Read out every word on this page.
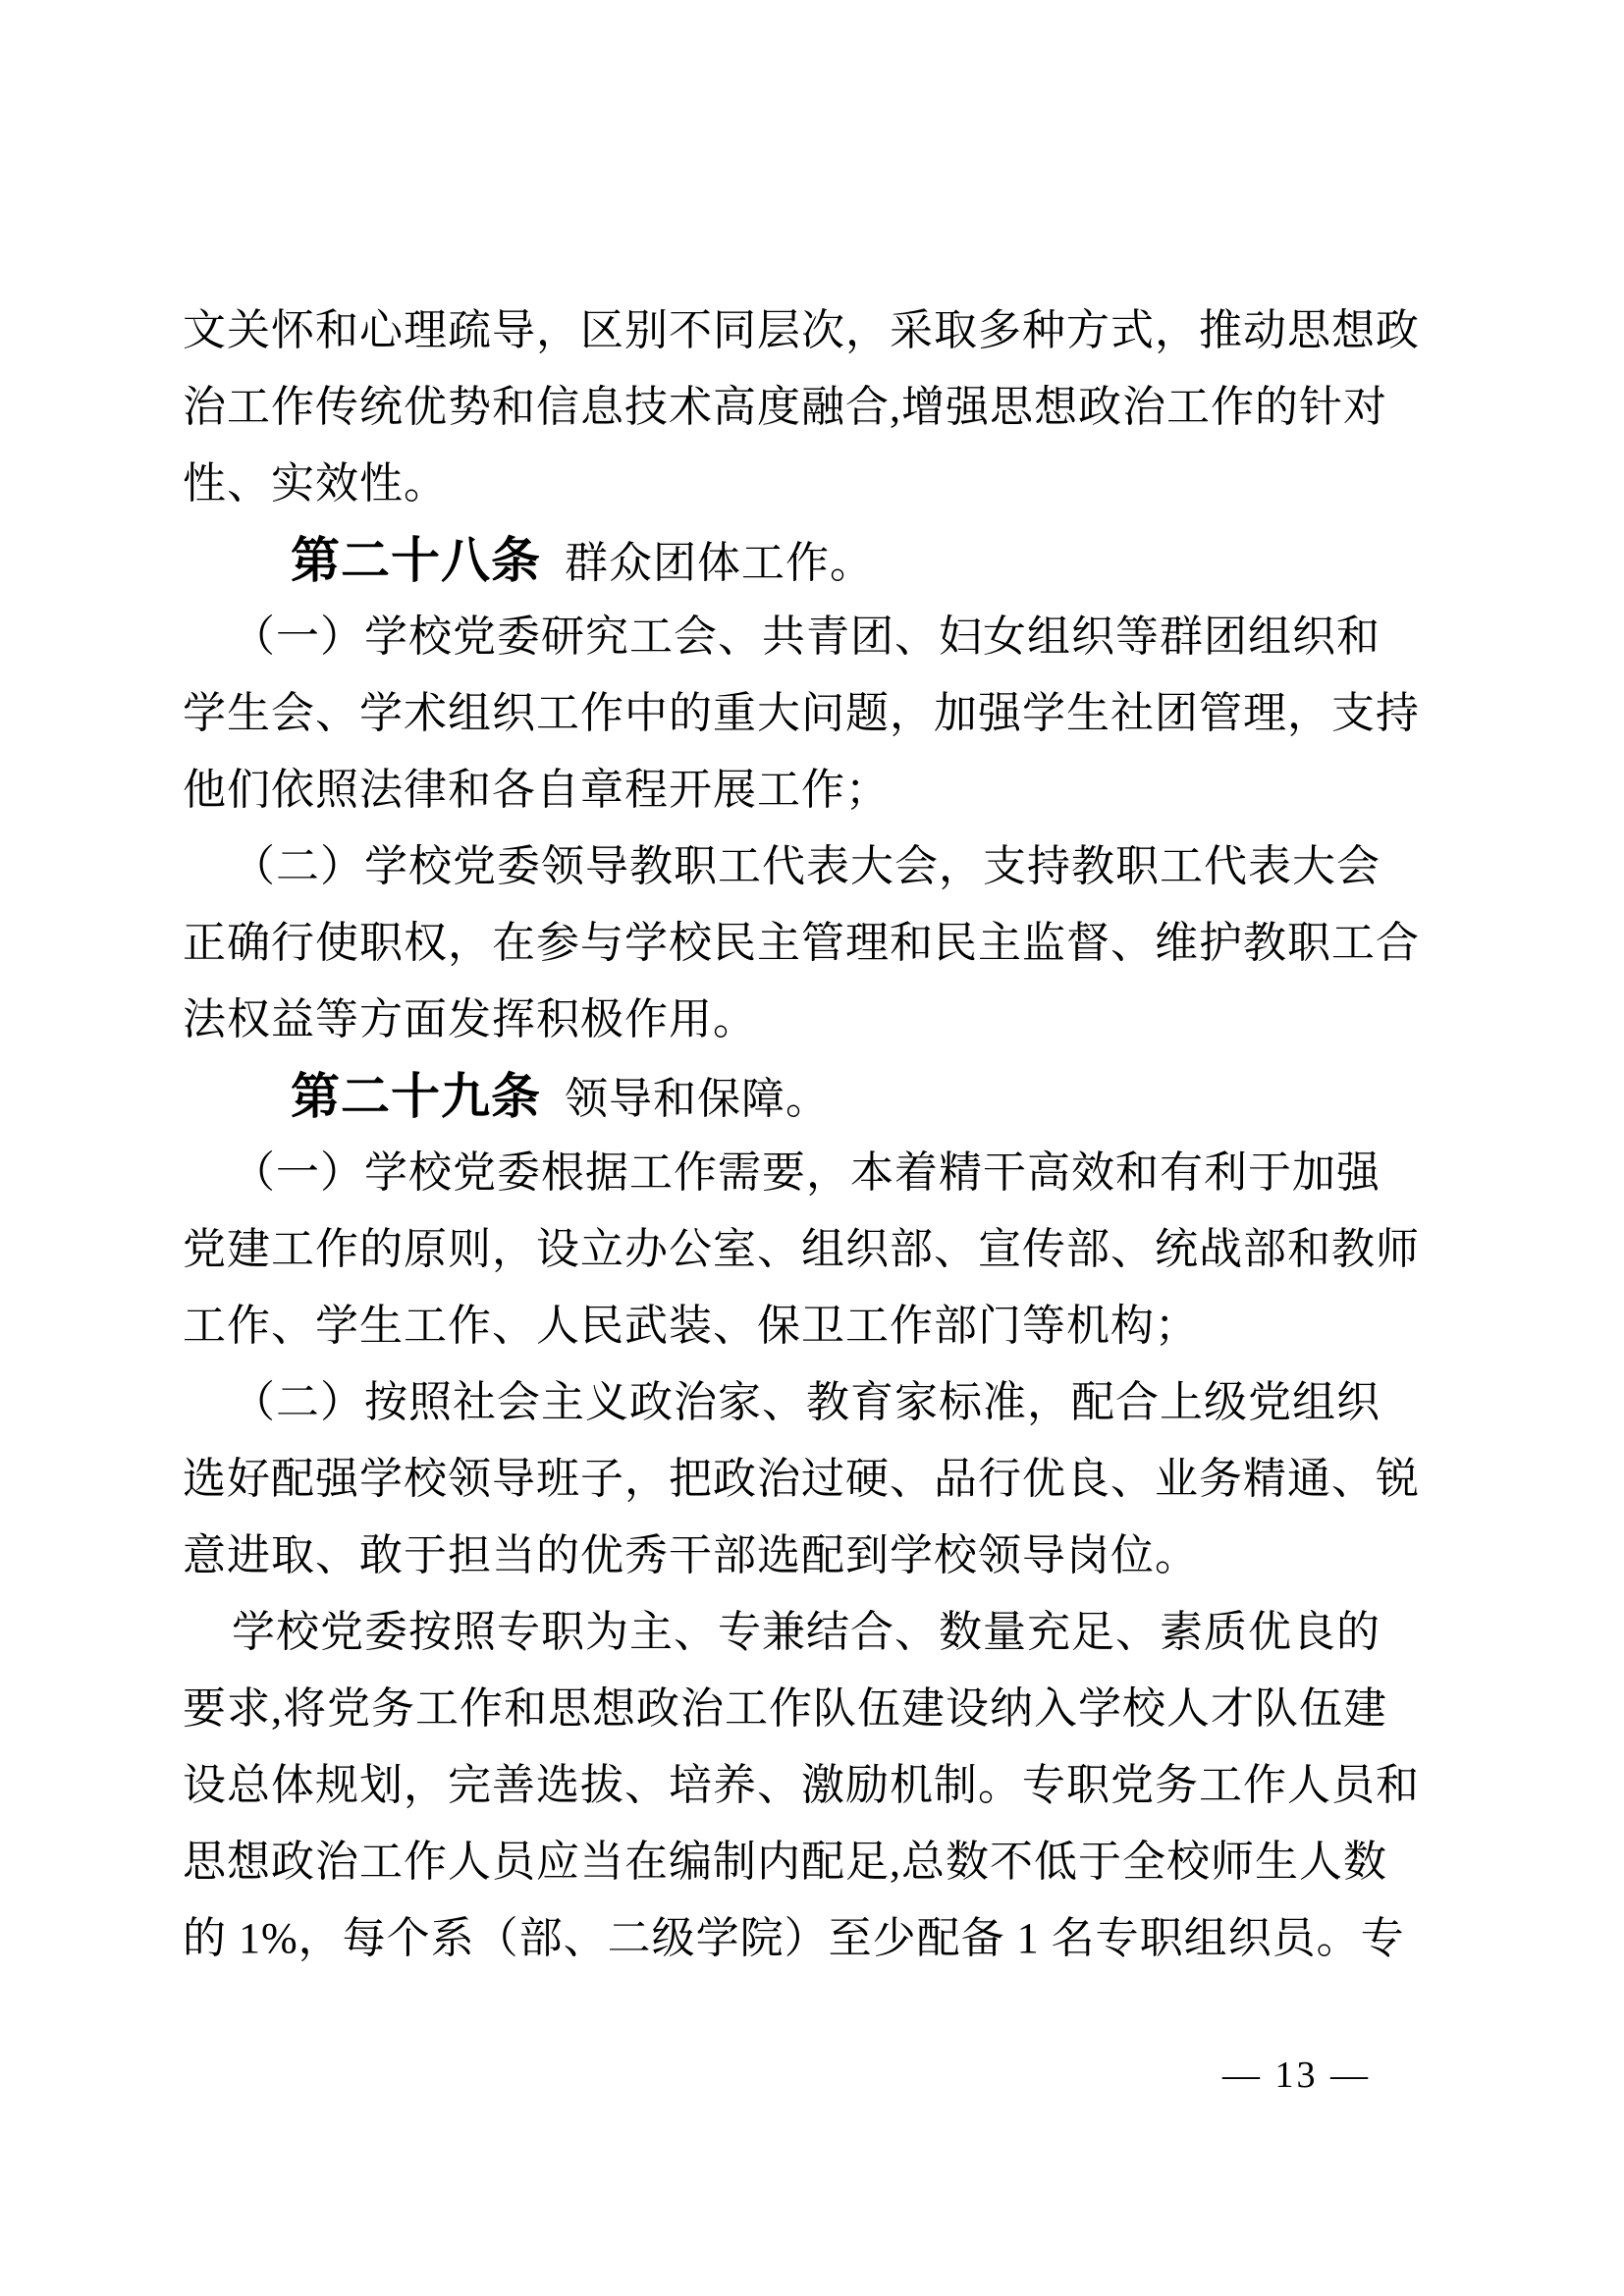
文关怀和心理疏导，区别不同层次，采取多种方式，推动思想政
治工作传统优势和信息技术高度融合,增强思想政治工作的针对
性、实效性。
第二十八条  群众团体工作。
（一）学校党委研究工会、共青团、妇女组织等群团组织和
学生会、学术组织工作中的重大问题，加强学生社团管理，支持
他们依照法律和各自章程开展工作；
（二）学校党委领导教职工代表大会，支持教职工代表大会
正确行使职权，在参与学校民主管理和民主监督、维护教职工合
法权益等方面发挥积极作用。
第二十九条  领导和保障。
（一）学校党委根据工作需要，本着精干高效和有利于加强
党建工作的原则，设立办公室、组织部、宣传部、统战部和教师
工作、学生工作、人民武装、保卫工作部门等机构；
（二）按照社会主义政治家、教育家标准，配合上级党组织
选好配强学校领导班子，把政治过硬、品行优良、业务精通、锐
意进取、敢于担当的优秀干部选配到学校领导岗位。
学校党委按照专职为主、专兼结合、数量充足、素质优良的
要求,将党务工作和思想政治工作队伍建设纳入学校人才队伍建
设总体规划，完善选拔、培养、激励机制。专职党务工作人员和
思想政治工作人员应当在编制内配足,总数不低于全校师生人数
的 1%，每个系（部、二级学院）至少配备 1 名专职组织员。专
— 13 —
